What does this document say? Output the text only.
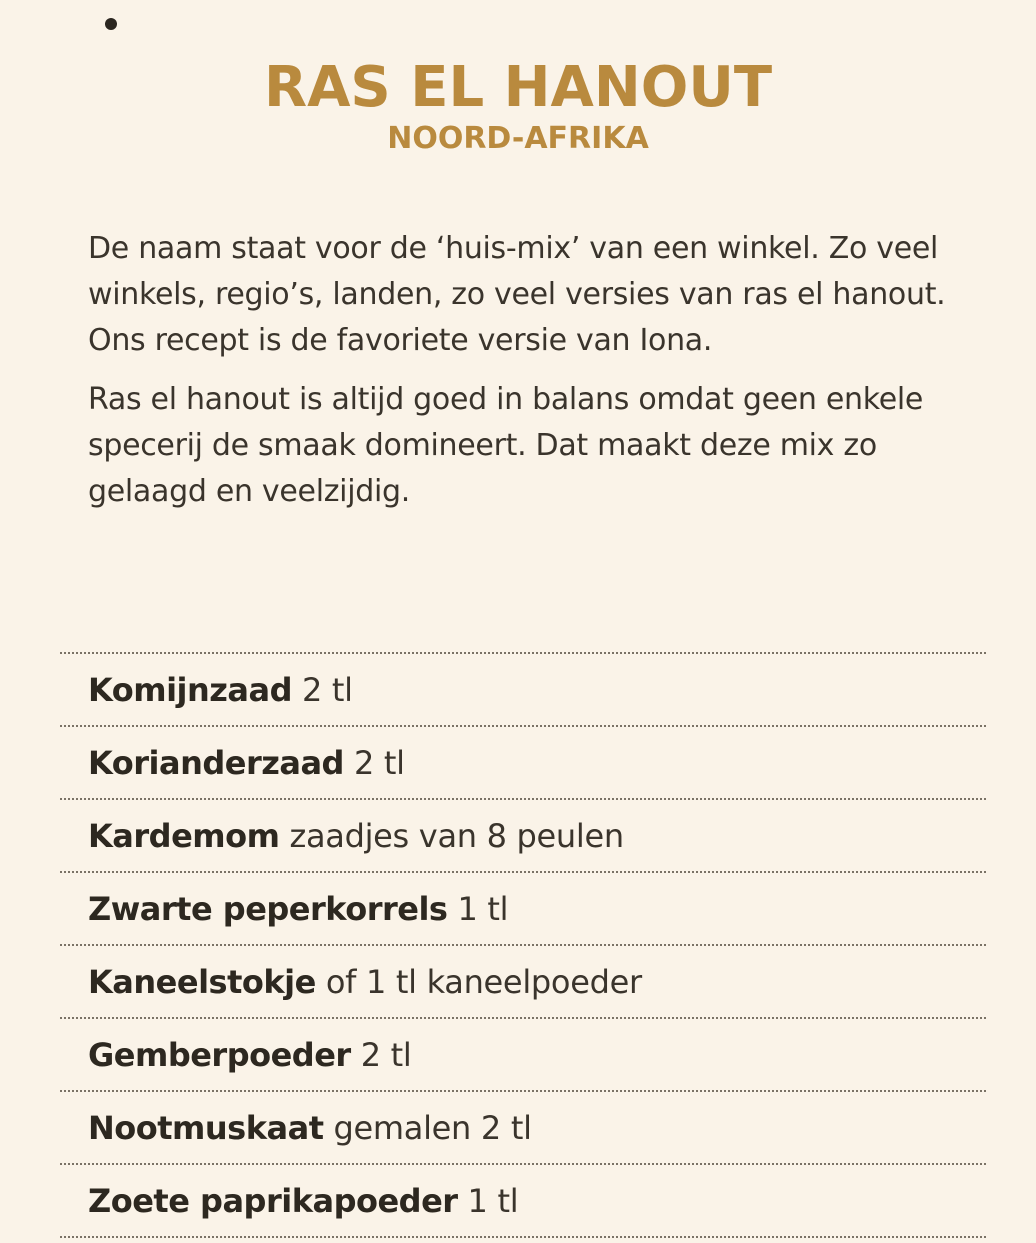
RAS EL HANOUT
NOORD-AFRIKA

De naam staat voor de ‘huis-mix’ van een winkel. Zo veel winkels, regio’s, landen, zo veel versies van ras el hanout. Ons recept is de favoriete versie van Iona.

Ras el hanout is altijd goed in balans omdat geen enkele specerij de smaak domineert. Dat maakt deze mix zo gelaagd en veelzijdig.

Komijnzaad 2 tl
Korianderzaad 2 tl
Kardemom zaadjes van 8 peulen
Zwarte peperkorrels 1 tl
Kaneelstokje of 1 tl kaneelpoeder
Gemberpoeder 2 tl
Nootmuskaat gemalen 2 tl
Zoete paprikapoeder 1 tl
